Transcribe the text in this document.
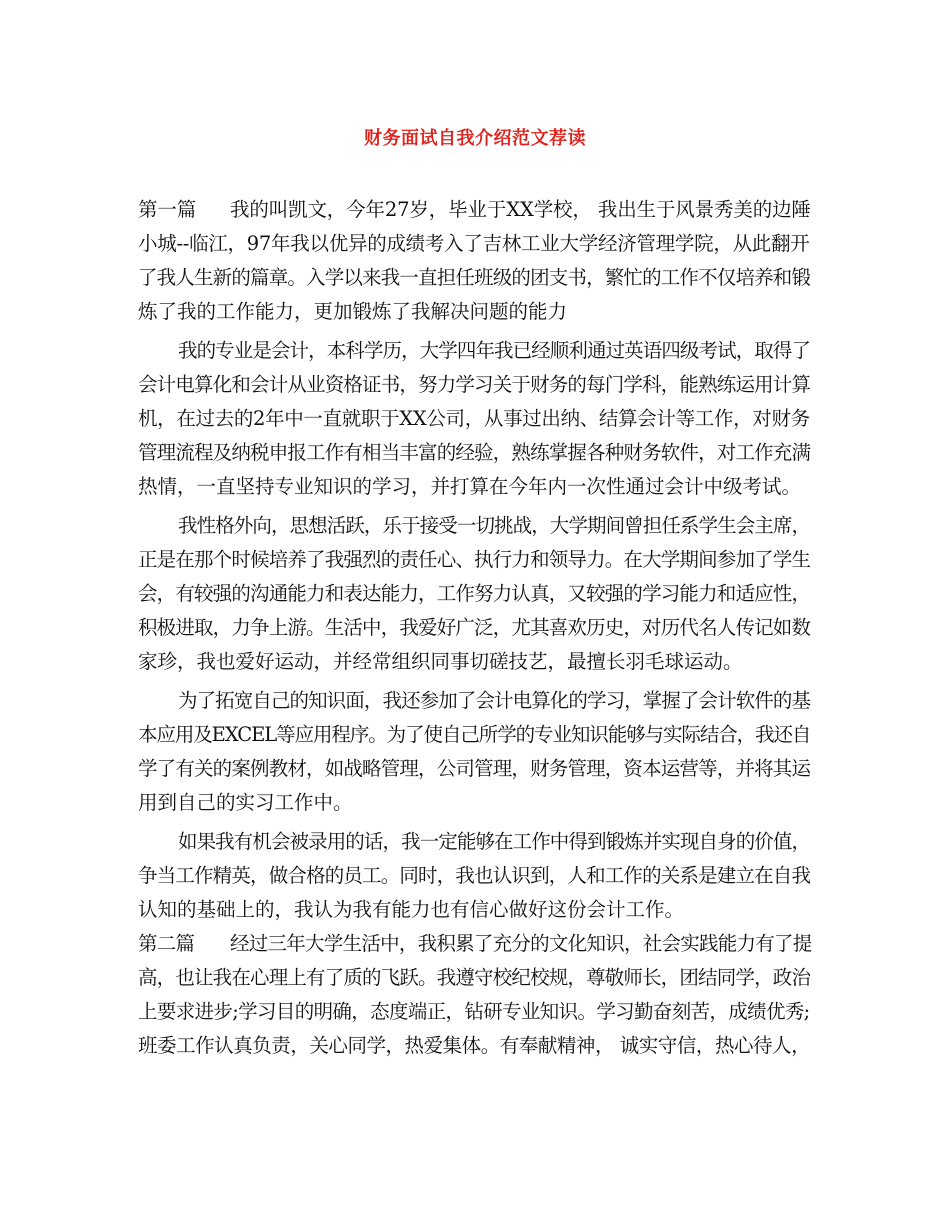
财务面试自我介绍范文荐读

第一篇 我的叫凯文，今年27岁，毕业于XX学校， 我出生于风景秀美的边陲

小城--临江，97年我以优异的成绩考入了吉林工业大学经济管理学院，从此翻开

了我人生新的篇章。入学以来我一直担任班级的团支书，繁忙的工作不仅培养和锻

炼了我的工作能力，更加锻炼了我解决问题的能力

我的专业是会计，本科学历，大学四年我已经顺利通过英语四级考试，取得了

会计电算化和会计从业资格证书，努力学习关于财务的每门学科，能熟练运用计算

机，在过去的2年中一直就职于XX公司，从事过出纳、结算会计等工作，对财务

管理流程及纳税申报工作有相当丰富的经验，熟练掌握各种财务软件，对工作充满

热情，一直坚持专业知识的学习，并打算在今年内一次性通过会计中级考试。

我性格外向，思想活跃，乐于接受一切挑战，大学期间曾担任系学生会主席，

正是在那个时候培养了我强烈的责任心、执行力和领导力。在大学期间参加了学生

会，有较强的沟通能力和表达能力，工作努力认真，又较强的学习能力和适应性，

积极进取，力争上游。生活中，我爱好广泛，尤其喜欢历史，对历代名人传记如数

家珍，我也爱好运动，并经常组织同事切磋技艺，最擅长羽毛球运动。

为了拓宽自己的知识面，我还参加了会计电算化的学习，掌握了会计软件的基

本应用及EXCEL等应用程序。为了使自己所学的专业知识能够与实际结合，我还自

学了有关的案例教材，如战略管理，公司管理，财务管理，资本运营等，并将其运

用到自己的实习工作中。

如果我有机会被录用的话，我一定能够在工作中得到锻炼并实现自身的价值，

争当工作精英，做合格的员工。同时，我也认识到，人和工作的关系是建立在自我

认知的基础上的，我认为我有能力也有信心做好这份会计工作。

第二篇 经过三年大学生活中，我积累了充分的文化知识，社会实践能力有了提

高，也让我在心理上有了质的飞跃。我遵守校纪校规，尊敬师长，团结同学，政治

上要求进步;学习目的明确，态度端正，钻研专业知识。学习勤奋刻苦，成绩优秀;

班委工作认真负责，关心同学，热爱集体。有奉献精神， 诚实守信，热心待人，
